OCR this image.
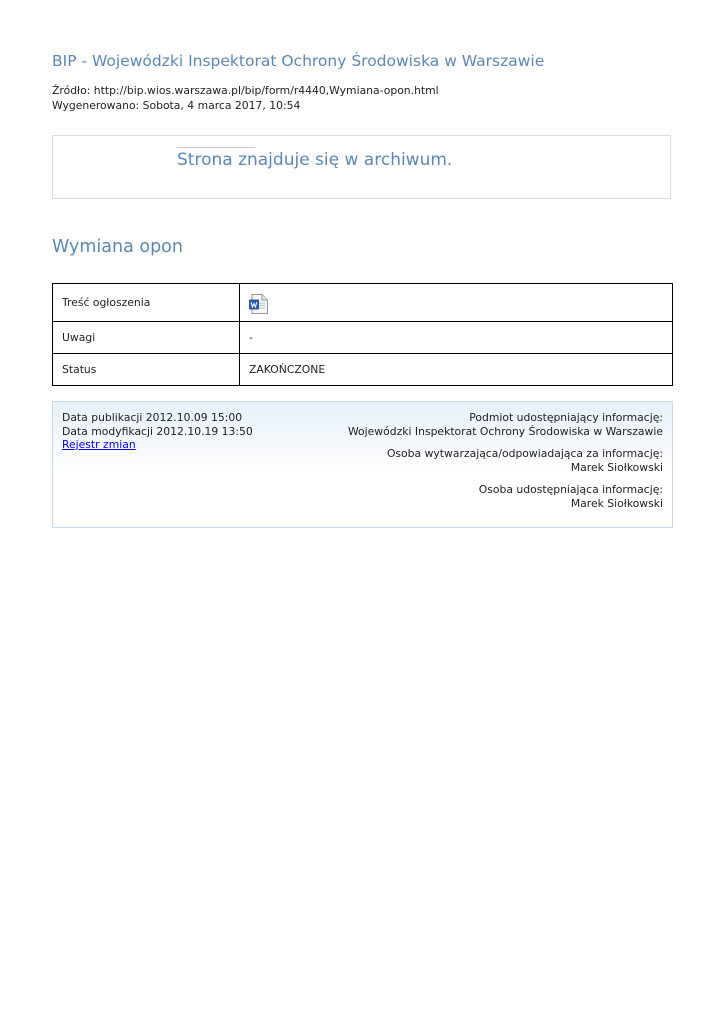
BIP - Wojewódzki Inspektorat Ochrony Środowiska w Warszawie
Źródło: http://bip.wios.warszawa.pl/bip/form/r4440,Wymiana-opon.html
Wygenerowano: Sobota, 4 marca 2017, 10:54
Strona znajduje się w archiwum.
Wymiana opon
Treść ogłoszenia	

Uwagi	-
Status	ZAKOŃCZONE
Data publikacji 2012.10.09 15:00
Data modyfikacji 2012.10.19 13:50
Rejestr zmian
Podmiot udostępniający informację:
Wojewódzki Inspektorat Ochrony Środowiska w Warszawie
Osoba wytwarzająca/odpowiadająca za informację:
Marek Siołkowski
Osoba udostępniająca informację:
Marek Siołkowski
